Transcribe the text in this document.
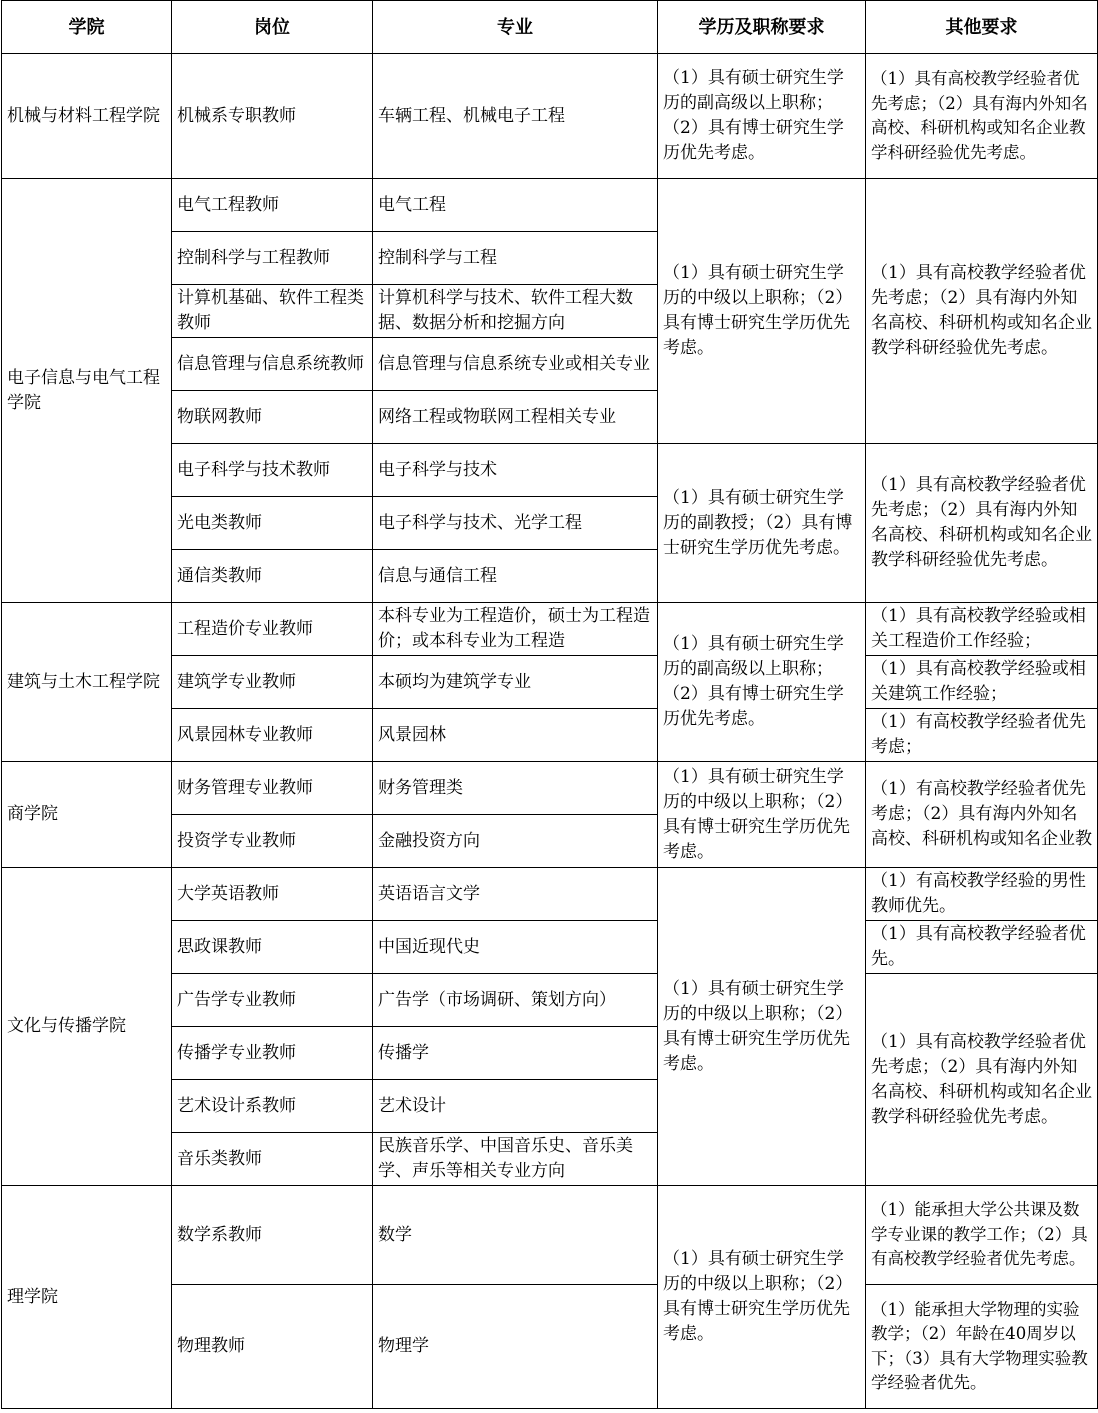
学院	岗位	专业	学历及职称要求	其他要求
机械与材料工程学院	机械系专职教师	车辆工程、机械电子工程	（1）具有硕士研究生学历的副高级以上职称；（2）具有博士研究生学历优先考虑。	（1）具有高校教学经验者优先考虑；（2）具有海内外知名高校、科研机构或知名企业教学科研经验优先考虑。
电子信息与电气工程学院	电气工程教师	电气工程	（1）具有硕士研究生学历的中级以上职称；（2）具有博士研究生学历优先考虑。	（1）具有高校教学经验者优先考虑；（2）具有海内外知名高校、科研机构或知名企业教学科研经验优先考虑。
	控制科学与工程教师	控制科学与工程		
	计算机基础、软件工程类教师	计算机科学与技术、软件工程大数据、数据分析和挖掘方向		
	信息管理与信息系统教师	信息管理与信息系统专业或相关专业		
	物联网教师	网络工程或物联网工程相关专业		
	电子科学与技术教师	电子科学与技术	（1）具有硕士研究生学历的副教授；（2）具有博士研究生学历优先考虑。	（1）具有高校教学经验者优先考虑；（2）具有海内外知名高校、科研机构或知名企业教学科研经验优先考虑。
	光电类教师	电子科学与技术、光学工程		
	通信类教师	信息与通信工程		
建筑与土木工程学院	工程造价专业教师	本科专业为工程造价，硕士为工程造价；或本科专业为工程造	（1）具有硕士研究生学历的副高级以上职称；（2）具有博士研究生学历优先考虑。	（1）具有高校教学经验或相关工程造价工作经验；
	建筑学专业教师	本硕均为建筑学专业		（1）具有高校教学经验或相关建筑工作经验；
	风景园林专业教师	风景园林		（1）有高校教学经验者优先考虑；
商学院	财务管理专业教师	财务管理类	（1）具有硕士研究生学历的中级以上职称；（2）具有博士研究生学历优先考虑。	（1）有高校教学经验者优先考虑；（2）具有海内外知名高校、科研机构或知名企业教
	投资学专业教师	金融投资方向		
文化与传播学院	大学英语教师	英语语言文学	（1）具有硕士研究生学历的中级以上职称；（2）具有博士研究生学历优先考虑。	（1）有高校教学经验的男性教师优先。
	思政课教师	中国近现代史		（1）具有高校教学经验者优先。
	广告学专业教师	广告学（市场调研、策划方向）		（1）具有高校教学经验者优先考虑；（2）具有海内外知名高校、科研机构或知名企业教学科研经验优先考虑。
	传播学专业教师	传播学		
	艺术设计系教师	艺术设计		
	音乐类教师	民族音乐学、中国音乐史、音乐美学、声乐等相关专业方向		
理学院	数学系教师	数学	（1）具有硕士研究生学历的中级以上职称；（2）具有博士研究生学历优先考虑。	（1）能承担大学公共课及数学专业课的教学工作；（2）具有高校教学经验者优先考虑。
	物理教师	物理学		（1）能承担大学物理的实验教学；（2）年龄在40周岁以下；（3）具有大学物理实验教学经验者优先。
